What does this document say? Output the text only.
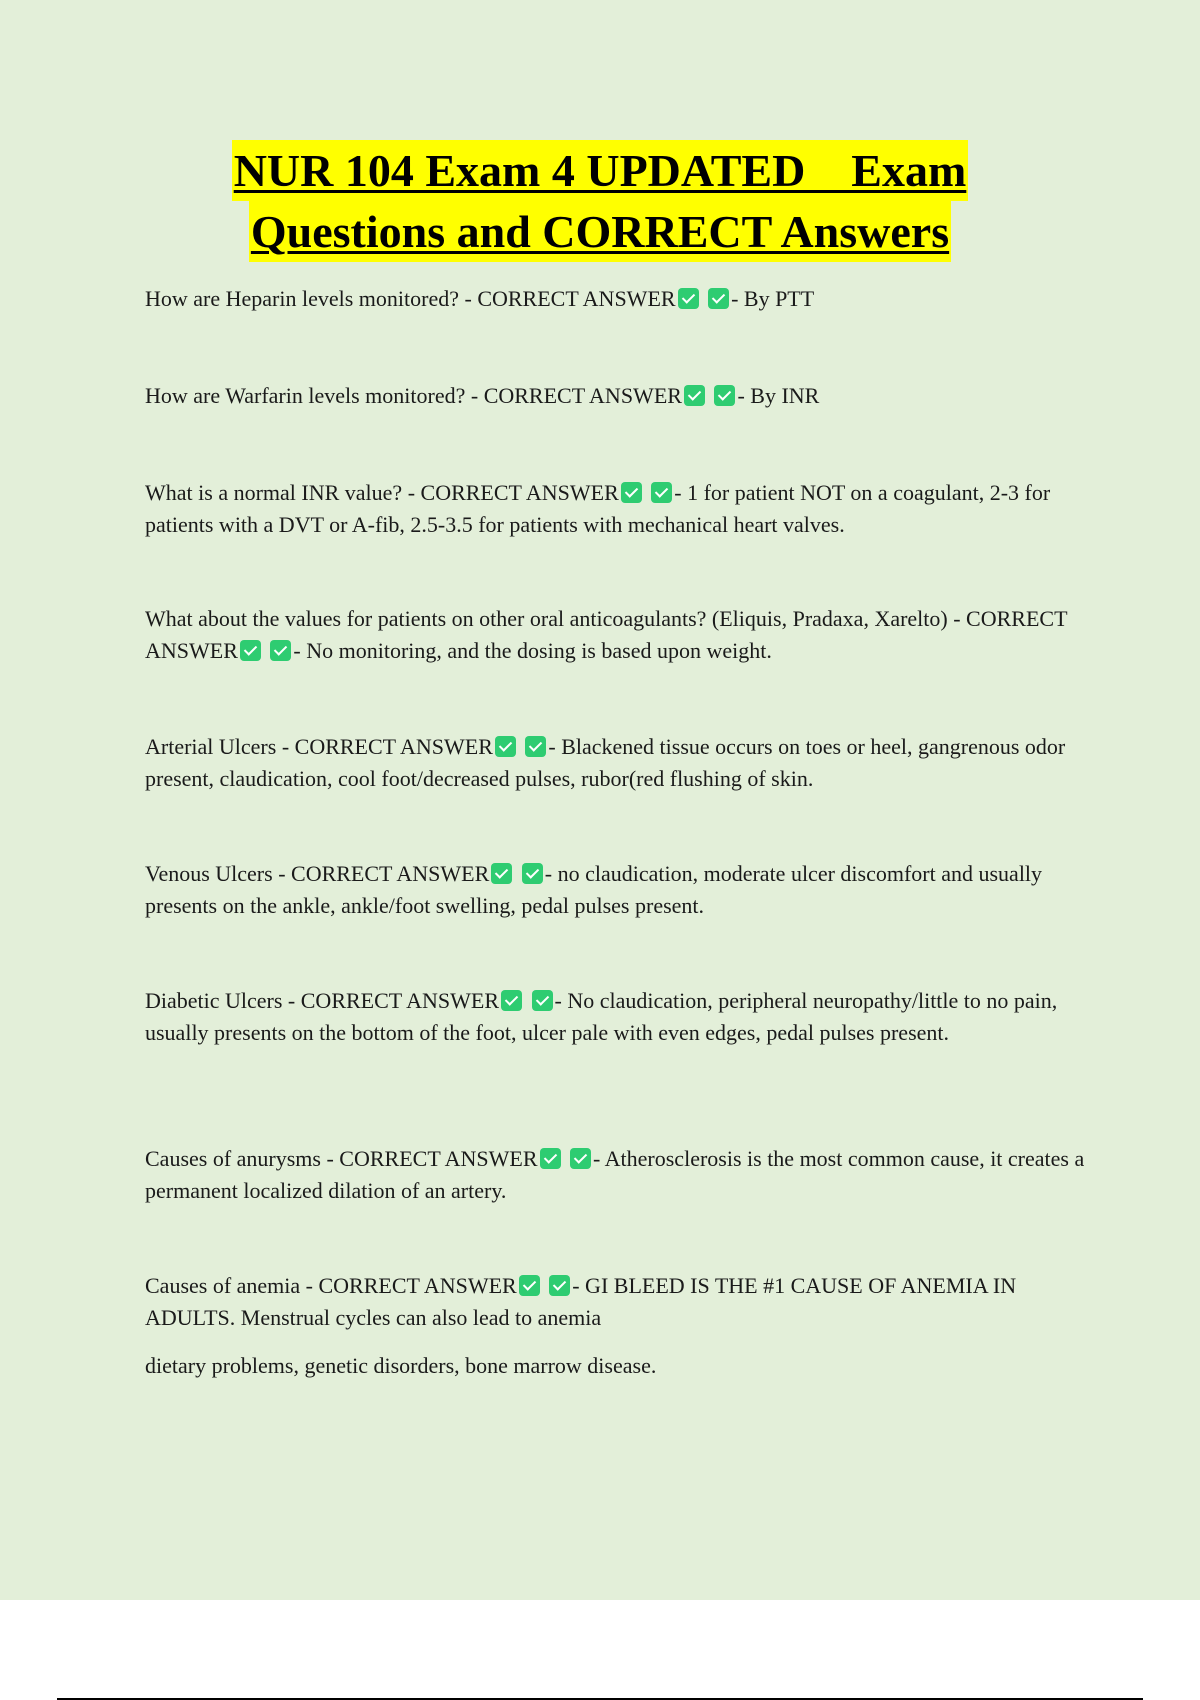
NUR 104 Exam 4 UPDATED    Exam
Questions and CORRECT Answers
How are Heparin levels monitored? - CORRECT ANSWER	- By PTT
How are Warfarin levels monitored? - CORRECT ANSWER	- By INR
What is a normal INR value? - CORRECT ANSWER	- 1 for patient NOT on a coagulant, 2-3 for patients with a DVT or A-fib, 2.5-3.5 for patients with mechanical heart valves.
What about the values for patients on other oral anticoagulants? (Eliquis, Pradaxa, Xarelto) - CORRECT ANSWER	- No monitoring, and the dosing is based upon weight.
Arterial Ulcers - CORRECT ANSWER	- Blackened tissue occurs on toes or heel, gangrenous odor present, claudication, cool foot/decreased pulses, rubor(red flushing of skin.
Venous Ulcers - CORRECT ANSWER	- no claudication, moderate ulcer discomfort and usually presents on the ankle, ankle/foot swelling, pedal pulses present.
Diabetic Ulcers - CORRECT ANSWER	- No claudication, peripheral neuropathy/little to no pain, usually presents on the bottom of the foot, ulcer pale with even edges, pedal pulses present.
Causes of anurysms - CORRECT ANSWER	- Atherosclerosis is the most common cause, it creates a permanent localized dilation of an artery.
Causes of anemia - CORRECT ANSWER	- GI BLEED IS THE #1 CAUSE OF ANEMIA IN ADULTS. Menstrual cycles can also lead to anemia
dietary problems, genetic disorders, bone marrow disease.
